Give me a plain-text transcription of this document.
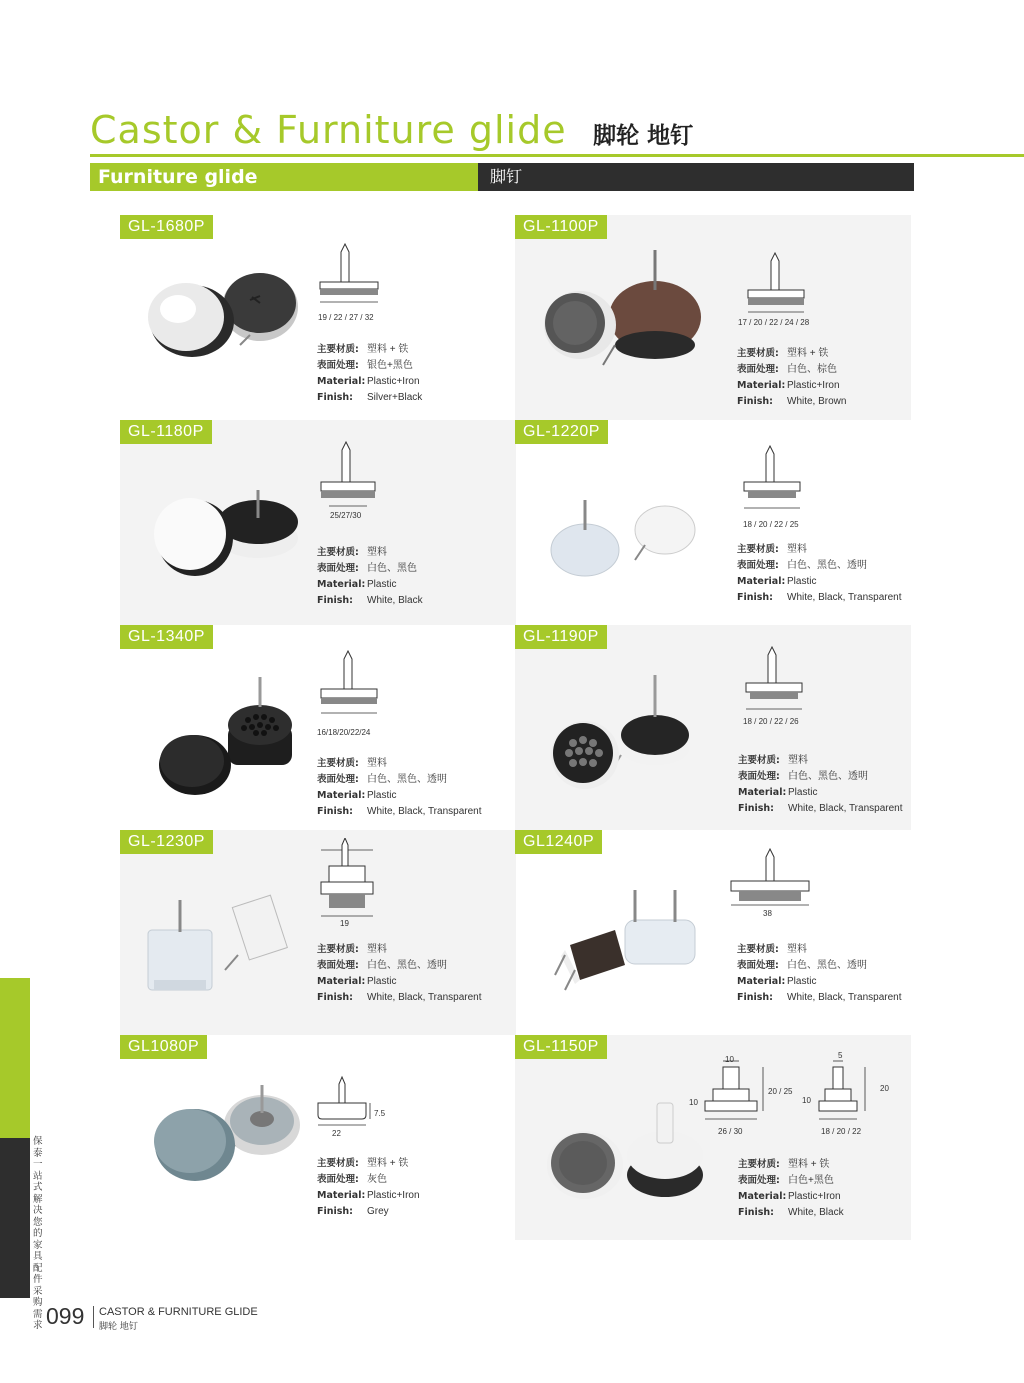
Castor & Furniture glide 脚轮 地钉
Furniture glide	脚钉
GL-1680P
19 / 22 / 27 / 32
主要材质: 塑料 + 铁
表面处理: 银色+黑色
Material: Plastic+Iron
Finish: Silver+Black
GL-1100P
17 / 20 / 22 / 24 / 28
主要材质: 塑料 + 铁
表面处理: 白色、棕色
Material: Plastic+Iron
Finish: White, Brown
GL-1180P
25/27/30
主要材质: 塑料
表面处理: 白色、黑色
Material: Plastic
Finish: White, Black
GL-1220P
18 / 20 / 22 / 25
主要材质: 塑料
表面处理: 白色、黑色、透明
Material: Plastic
Finish: White, Black, Transparent
GL-1340P
16/18/20/22/24
主要材质: 塑料
表面处理: 白色、黑色、透明
Material: Plastic
Finish: White, Black, Transparent
GL-1190P
18 / 20 / 22 / 26
主要材质: 塑料
表面处理: 白色、黑色、透明
Material: Plastic
Finish: White, Black, Transparent
GL-1230P
19
主要材质: 塑料
表面处理: 白色、黑色、透明
Material: Plastic
Finish: White, Black, Transparent
GL1240P
38
主要材质: 塑料
表面处理: 白色、黑色、透明
Material: Plastic
Finish: White, Black, Transparent
GL1080P
22
7.5
主要材质: 塑料 + 铁
表面处理: 灰色
Material: Plastic+Iron
Finish: Grey
GL-1150P
10
10
20 / 25
26 / 30
5
10
20
18 / 20 / 22
主要材质: 塑料 + 铁
表面处理: 白色+黑色
Material: Plastic+Iron
Finish: White, Black
保泰 一站式解决您的家具配件采购需求 099 CASTOR & FURNITURE GLIDE
脚轮 地钉
